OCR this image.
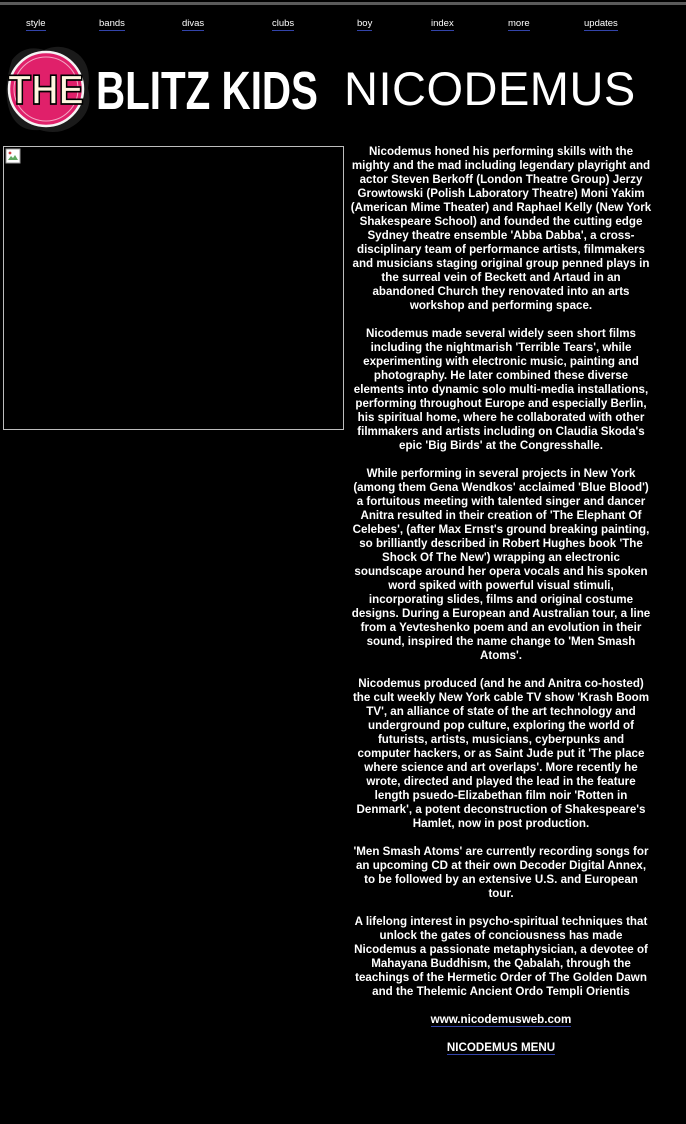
style	bands	divas	clubs	boy	index	more	updates
THE BLITZ KIDS NICODEMUS

Nicodemus honed his performing skills with the mighty and the mad including legendary playright and actor Steven Berkoff (London Theatre Group) Jerzy Growtowski (Polish Laboratory Theatre) Moni Yakim (American Mime Theater) and Raphael Kelly (New York Shakespeare School) and founded the cutting edge Sydney theatre ensemble 'Abba Dabba', a cross-disciplinary team of performance artists, filmmakers and musicians staging original group penned plays in the surreal vein of Beckett and Artaud in an abandoned Church they renovated into an arts workshop and performing space.

Nicodemus made several widely seen short films including the nightmarish 'Terrible Tears', while experimenting with electronic music, painting and photography. He later combined these diverse elements into dynamic solo multi-media installations, performing throughout Europe and especially Berlin, his spiritual home, where he collaborated with other filmmakers and artists including on Claudia Skoda's epic 'Big Birds' at the Congresshalle.

While performing in several projects in New York (among them Gena Wendkos' acclaimed 'Blue Blood') a fortuitous meeting with talented singer and dancer Anitra resulted in their creation of 'The Elephant Of Celebes', (after Max Ernst's ground breaking painting, so brilliantly described in Robert Hughes book 'The Shock Of The New') wrapping an electronic soundscape around her opera vocals and his spoken word spiked with powerful visual stimuli, incorporating slides, films and original costume designs. During a European and Australian tour, a line from a Yevteshenko poem and an evolution in their sound, inspired the name change to 'Men Smash Atoms'.

Nicodemus produced (and he and Anitra co-hosted) the cult weekly New York cable TV show 'Krash Boom TV', an alliance of state of the art technology and underground pop culture, exploring the world of futurists, artists, musicians, cyberpunks and computer hackers, or as Saint Jude put it 'The place where science and art overlaps'. More recently he wrote, directed and played the lead in the feature length psuedo-Elizabethan film noir 'Rotten in Denmark', a potent deconstruction of Shakespeare's Hamlet, now in post production.

'Men Smash Atoms' are currently recording songs for an upcoming CD at their own Decoder Digital Annex, to be followed by an extensive U.S. and European tour.

A lifelong interest in psycho-spiritual techniques that unlock the gates of conciousness has made Nicodemus a passionate metaphysician, a devotee of Mahayana Buddhism, the Qabalah, through the teachings of the Hermetic Order of The Golden Dawn and the Thelemic Ancient Ordo Templi Orientis

www.nicodemusweb.com
NICODEMUS MENU
